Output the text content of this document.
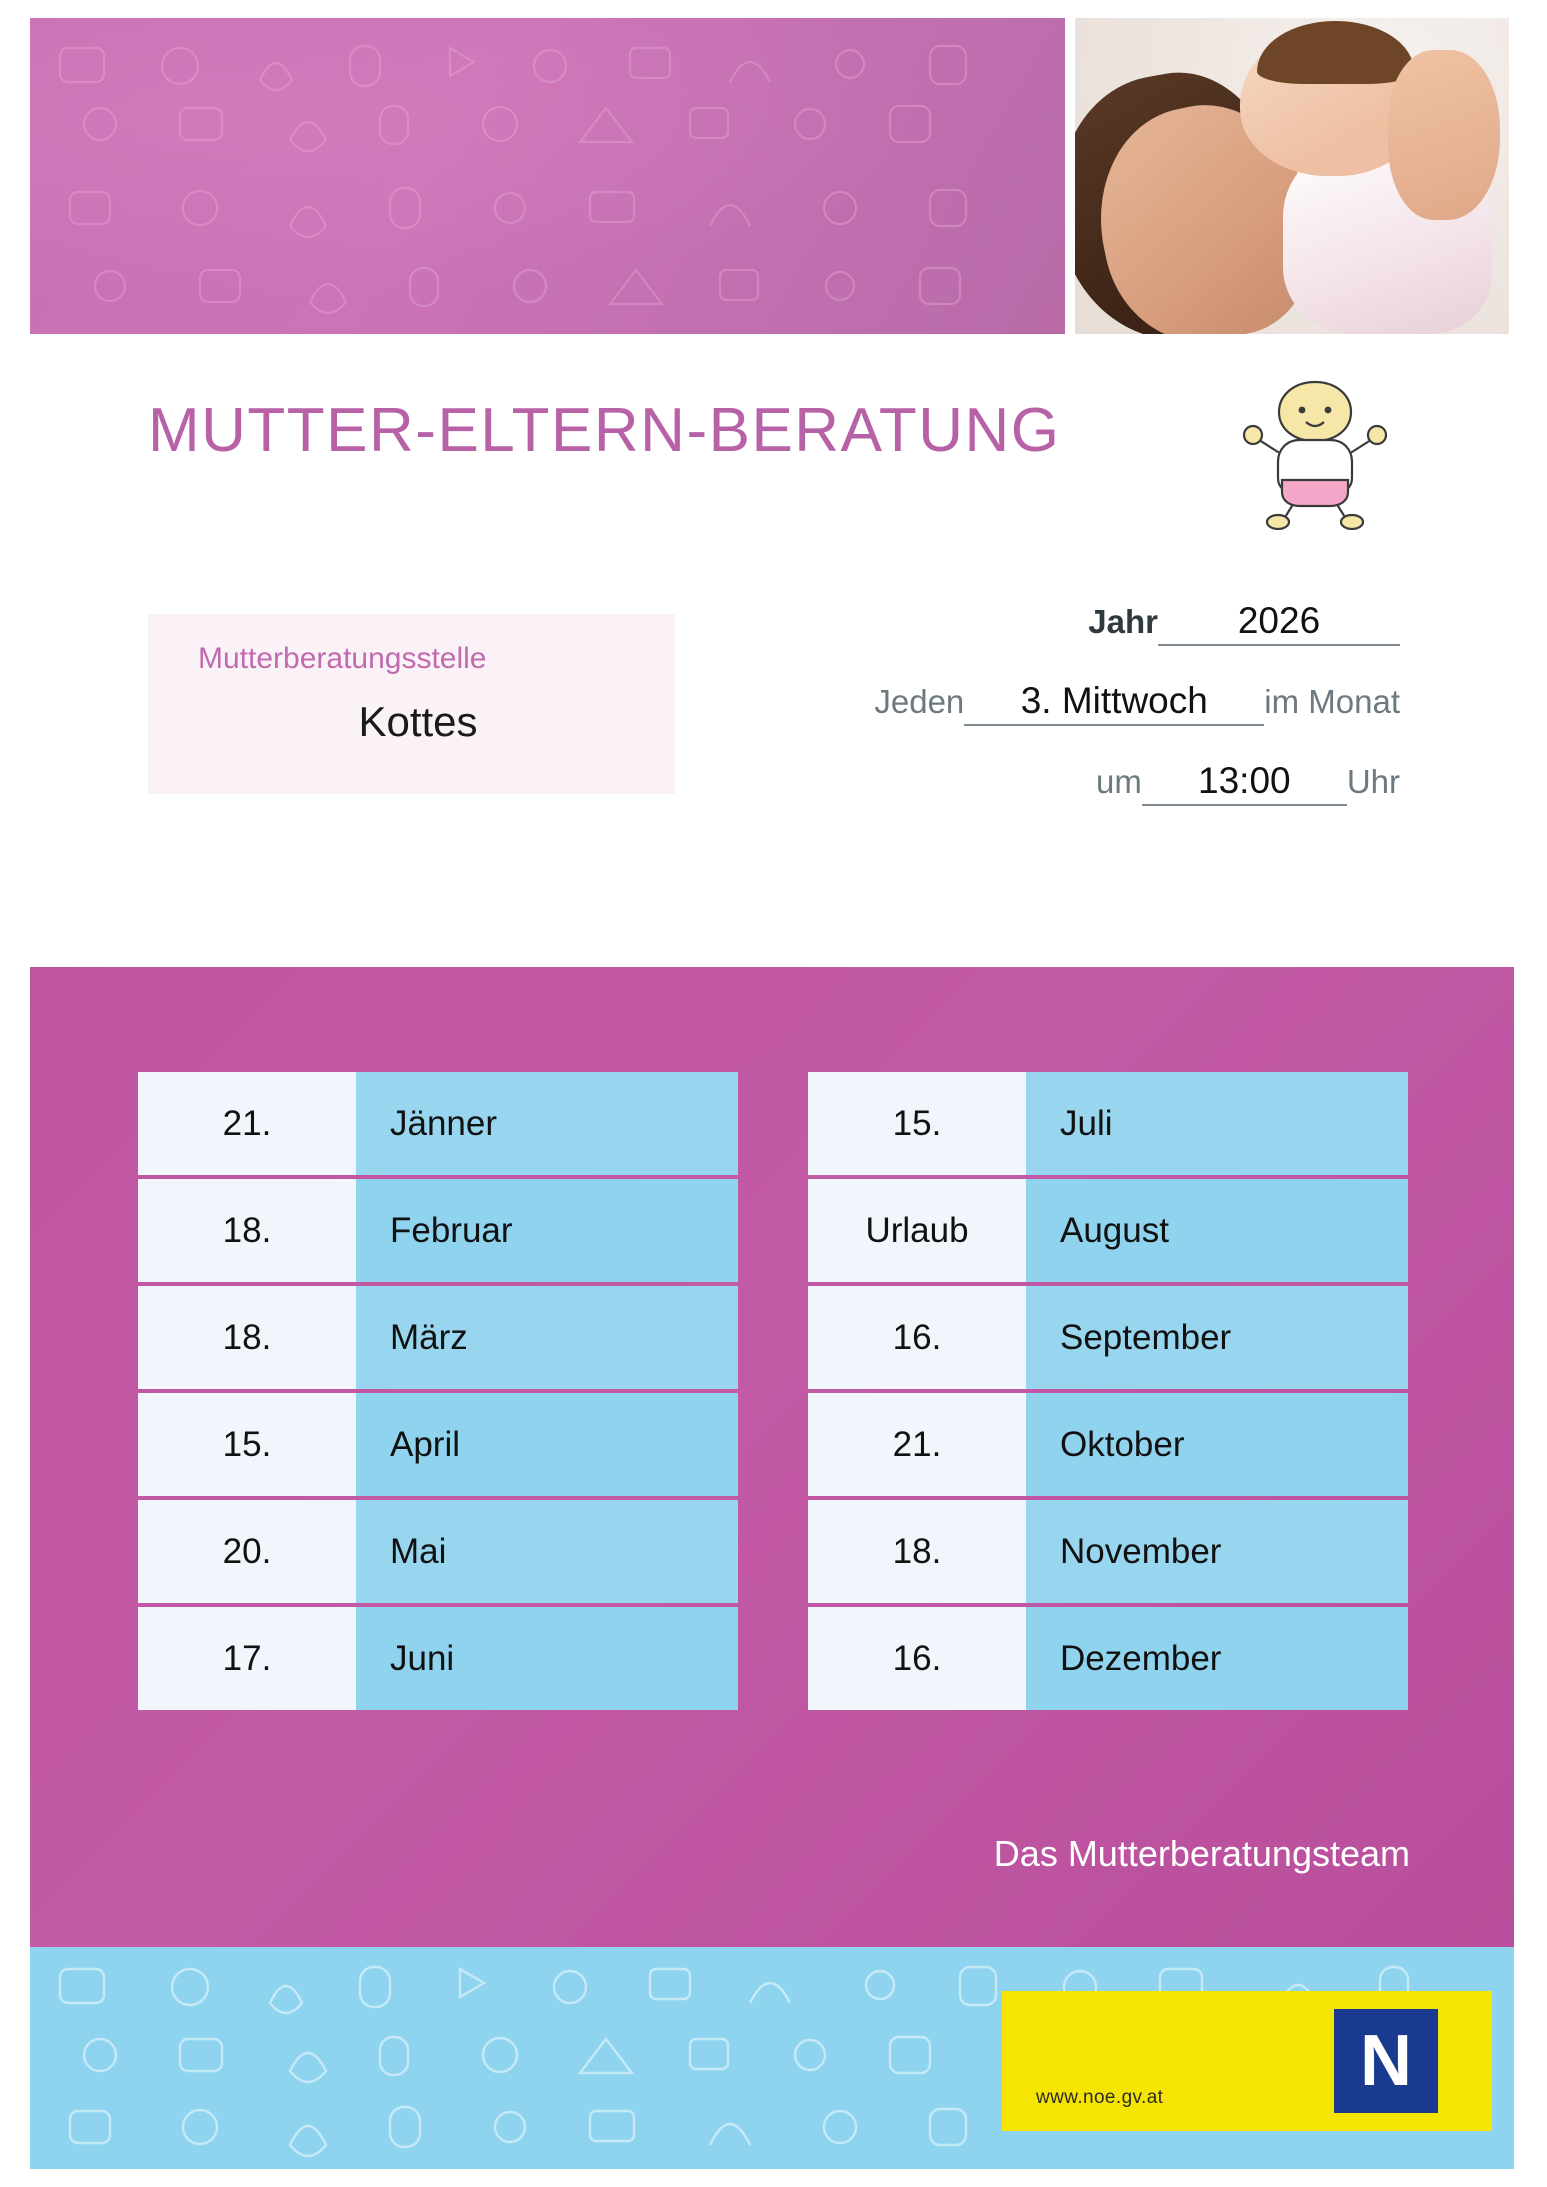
MUTTER-ELTERN-BERATUNG
Mutterberatungsstelle
Kottes
Jahr	2026
Jeden	3. Mittwoch	im Monat
um	13:00	Uhr
21.	Jänner
18.	Februar
18.	März
15.	April
20.	Mai
17.	Juni
15.	Juli
Urlaub	August
16.	September
21.	Oktober
18.	November
16.	Dezember
Das Mutterberatungsteam
www.noe.gv.at	N
